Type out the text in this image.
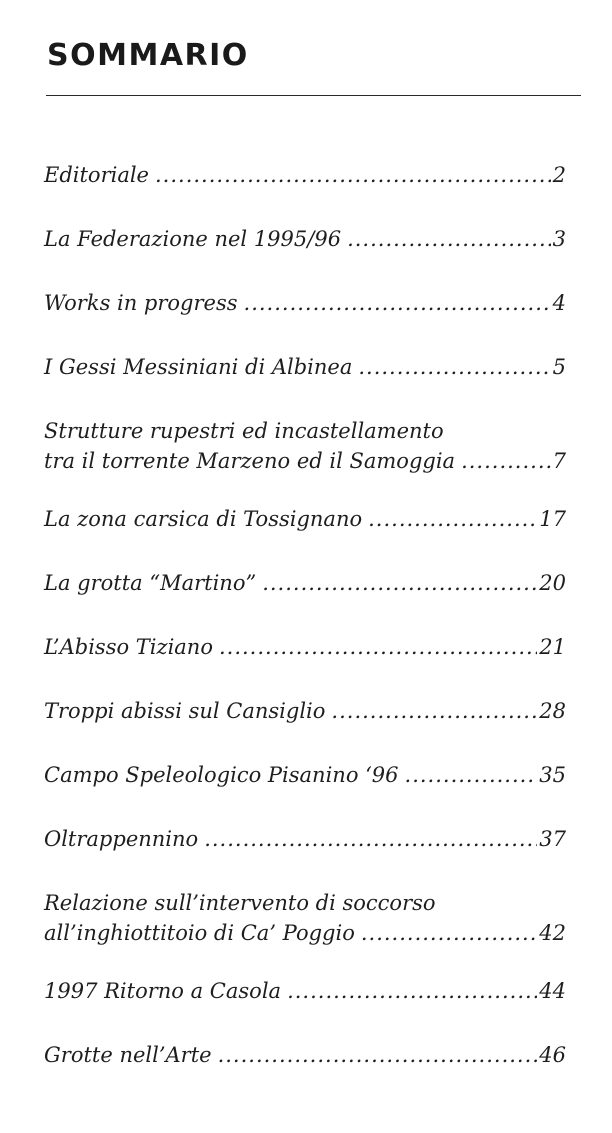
SOMMARIO
Editoriale .....	2
La Federazione nel 1995/96 .....	3
Works in progress .....	4
I Gessi Messiniani di Albinea .....	5
Strutture rupestri ed incastellamento
tra il torrente Marzeno ed il Samoggia .....	7
La zona carsica di Tossignano .....	17
La grotta “Martino” .....	20
L’Abisso Tiziano .....	21
Troppi abissi sul Cansiglio .....	28
Campo Speleologico Pisanino ‘96 .....	35
Oltrappennino .....	37
Relazione sull’intervento di soccorso
all’inghiottitoio di Ca’ Poggio .....	42
1997 Ritorno a Casola .....	44
Grotte nell’Arte .....	46
